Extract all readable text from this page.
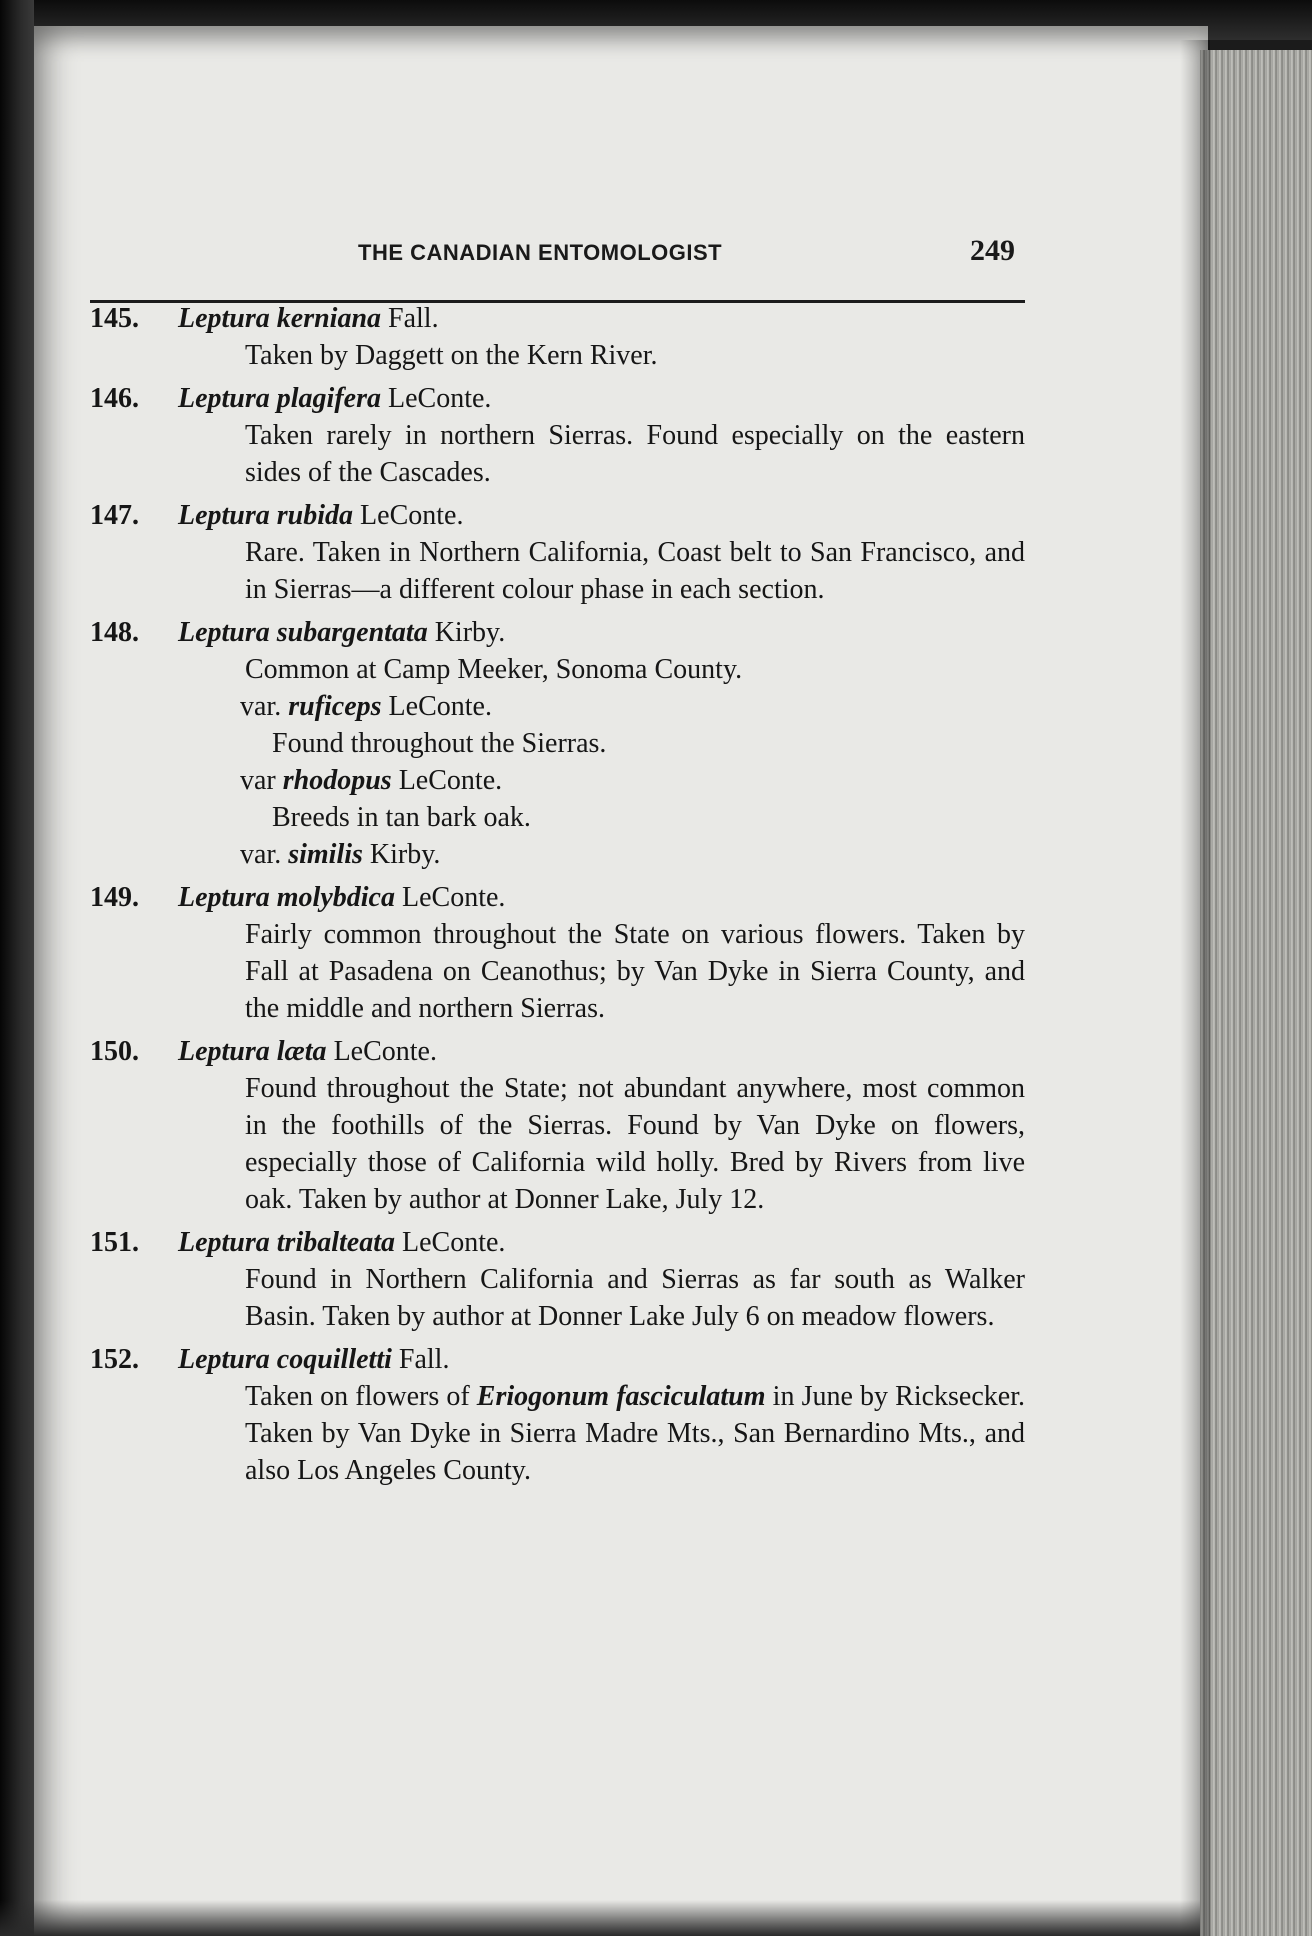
THE CANADIAN ENTOMOLOGIST	249
145. Leptura kerniana Fall.

Taken by Daggett on the Kern River.

146. Leptura plagifera LeConte.

Taken rarely in northern Sierras. Found especially on the eastern sides of the Cascades.

147. Leptura rubida LeConte.

Rare. Taken in Northern California, Coast belt to San Francisco, and in Sierras—a different colour phase in each section.

148. Leptura subargentata Kirby.

Common at Camp Meeker, Sonoma County.

var. ruficeps LeConte.

Found throughout the Sierras.

var rhodopus LeConte.

Breeds in tan bark oak.

var. similis Kirby.

149. Leptura molybdica LeConte.

Fairly common throughout the State on various flowers. Taken by Fall at Pasadena on Ceanothus; by Van Dyke in Sierra County, and the middle and northern Sierras.

150. Leptura læta LeConte.

Found throughout the State; not abundant anywhere, most common in the foothills of the Sierras. Found by Van Dyke on flowers, especially those of California wild holly. Bred by Rivers from live oak. Taken by author at Donner Lake, July 12.

151. Leptura tribalteata LeConte.

Found in Northern California and Sierras as far south as Walker Basin. Taken by author at Donner Lake July 6 on meadow flowers.

152. Leptura coquilletti Fall.

Taken on flowers of Eriogonum fasciculatum in June by Ricksecker. Taken by Van Dyke in Sierra Madre Mts., San Bernardino Mts., and also Los Angeles County.
